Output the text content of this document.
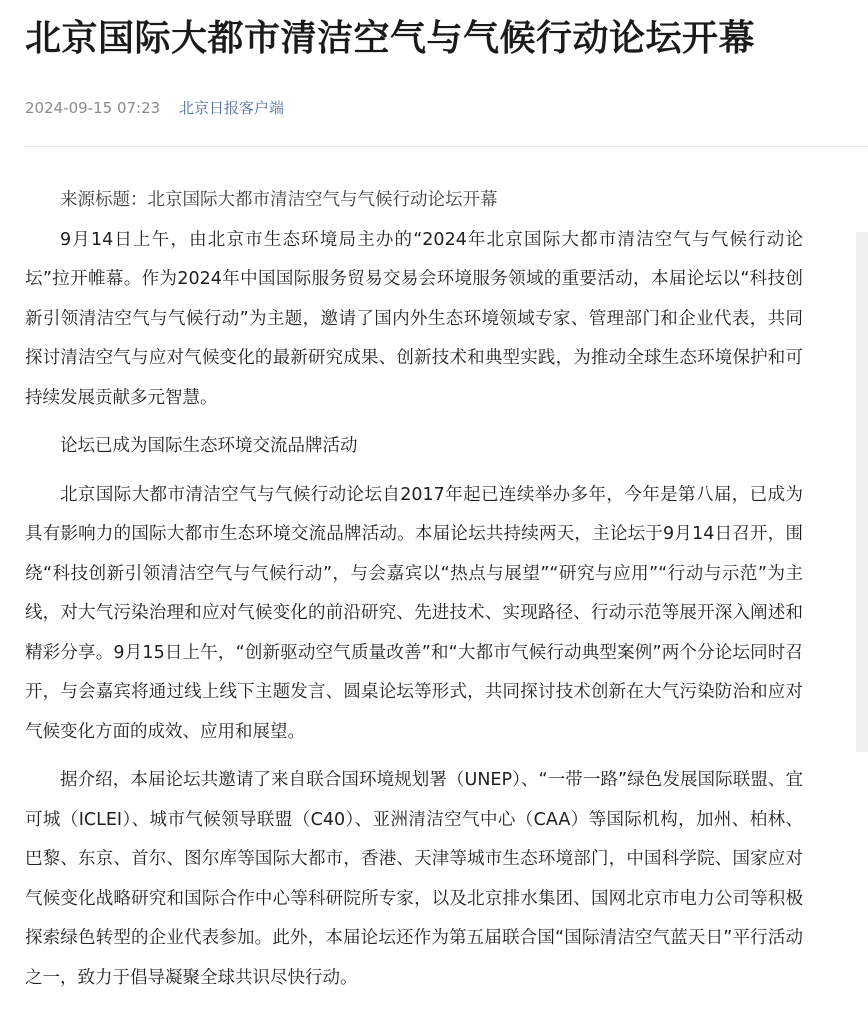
北京国际大都市清洁空气与气候行动论坛开幕
2024-09-15 07:23 北京日报客户端

来源标题：北京国际大都市清洁空气与气候行动论坛开幕

9月14日上午，由北京市生态环境局主办的“2024年北京国际大都市清洁空气与气候行动论坛”拉开帷幕。作为2024年中国国际服务贸易交易会环境服务领域的重要活动，本届论坛以“科技创新引领清洁空气与气候行动”为主题，邀请了国内外生态环境领域专家、管理部门和企业代表，共同探讨清洁空气与应对气候变化的最新研究成果、创新技术和典型实践，为推动全球生态环境保护和可持续发展贡献多元智慧。

论坛已成为国际生态环境交流品牌活动

北京国际大都市清洁空气与气候行动论坛自2017年起已连续举办多年，今年是第八届，已成为具有影响力的国际大都市生态环境交流品牌活动。本届论坛共持续两天，主论坛于9月14日召开，围绕“科技创新引领清洁空气与气候行动”，与会嘉宾以“热点与展望”“研究与应用”“行动与示范”为主线，对大气污染治理和应对气候变化的前沿研究、先进技术、实现路径、行动示范等展开深入阐述和精彩分享。9月15日上午，“创新驱动空气质量改善”和“大都市气候行动典型案例”两个分论坛同时召开，与会嘉宾将通过线上线下主题发言、圆桌论坛等形式，共同探讨技术创新在大气污染防治和应对气候变化方面的成效、应用和展望。

据介绍，本届论坛共邀请了来自联合国环境规划署（UNEP）、“一带一路”绿色发展国际联盟、宜可城（ICLEI）、城市气候领导联盟（C40）、亚洲清洁空气中心（CAA）等国际机构，加州、柏林、巴黎、东京、首尔、图尔库等国际大都市，香港、天津等城市生态环境部门，中国科学院、国家应对气候变化战略研究和国际合作中心等科研院所专家，以及北京排水集团、国网北京市电力公司等积极探索绿色转型的企业代表参加。此外，本届论坛还作为第五届联合国“国际清洁空气蓝天日”平行活动之一，致力于倡导凝聚全球共识尽快行动。
